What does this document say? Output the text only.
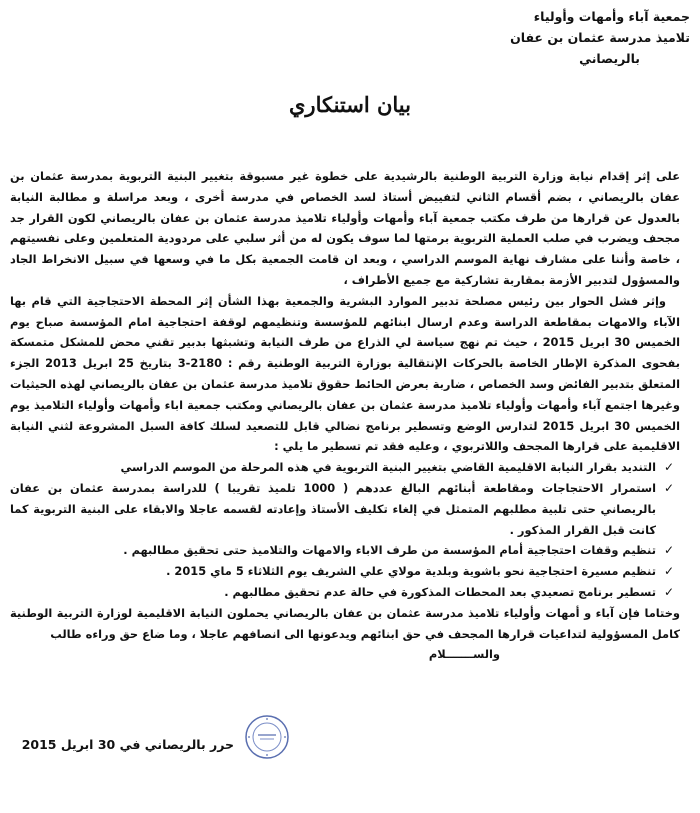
جمعية آباء وأمهات وأولياء
تلاميذ مدرسة عثمان بن عفان
بالريصاني
بيان استنكاري

على إثر إقدام نيابة وزارة التربية الوطنية بالرشيدية على خطوة غير مسبوقة بتغيير البنية التربوية بمدرسة عثمان بن عفان بالريصاني ، بضم أقسام الثاني لتفييض أستاذ لسد الخصاص في مدرسة أخرى ، وبعد مراسلة و مطالبة النيابة بالعدول عن قرارها من طرف مكتب جمعية آباء وأمهات وأولياء تلاميذ مدرسة عثمان بن عفان بالريصاني لكون القرار جد مجحف ويضرب في صلب العملية التربوية برمتها لما سوف يكون له من أثر سلبي على مردودية المتعلمين وعلى نفسيتهم ، خاصة وأننا على مشارف نهاية الموسم الدراسي ، وبعد ان قامت الجمعية بكل ما في وسعها في سبيل الانخراط الجاد والمسؤول لتدبير الأزمة بمقاربة تشاركية مع جميع الأطراف ،

وإثر فشل الحوار بين رئيس مصلحة تدبير الموارد البشرية والجمعية بهذا الشأن إثر المحطة الاحتجاجية التي قام بها الآباء والامهات بمقاطعة الدراسة وعدم ارسال ابنائهم للمؤسسة وتنظيمهم لوقفة احتجاجية امام المؤسسة صباح يوم الخميس 30 ابريل 2015 ، حيث تم نهج سياسة لي الذراع من طرف النيابة وتشبثها بدبير تقني محض للمشكل متمسكة بفحوى المذكرة الإطار الخاصة بالحركات الإنتقالية بوزارة التربية الوطنية رقم : 2180-3 بتاريخ 25 ابريل 2013 الجزء المتعلق بتدبير الفائض وسد الخصاص ، ضاربة بعرض الحائط حقوق تلاميذ مدرسة عثمان بن عفان بالريصاني لهذه الحيثيات وغيرها اجتمع آباء وأمهات وأولياء تلاميذ مدرسة عثمان بن عفان بالريصاني ومكتب جمعية اباء وأمهات وأولياء التلاميذ يوم الخميس 30 ابريل 2015 لتدارس الوضع وتسطير برنامج نضالي قابل للتصعيد لسلك كافة السبل المشروعة لثني النيابة الاقليمية على قرارها المجحف واللاتربوي ، وعليه فقد تم تسطير ما يلي :

✓
التنديد بقرار النيابة الاقليمية القاضي بتغيير البنية التربوية في هذه المرحلة من الموسم الدراسي
✓
استمرار الاحتجاجات ومقاطعة أبنائهم البالغ عددهم ( 1000 تلميذ تقريبا ) للدراسة بمدرسة عثمان بن عفان بالريصاني حتى تلبية مطلبهم المتمثل في إلغاء تكليف الأستاذ وإعادته لقسمه عاجلا والابقاء على البنية التربوية كما كانت قبل القرار المذكور .
✓
تنظيم وقفات احتجاجية أمام المؤسسة من طرف الاباء والامهات والتلاميذ حتى تحقيق مطالبهم .
✓
تنظيم مسيرة احتجاجية نحو باشوية وبلدية مولاي علي الشريف يوم الثلاثاء 5 ماي 2015 .
✓
تسطير برنامج تصعيدي بعد المحطات المذكورة في حالة عدم تحقيق مطالبهم .

وختاما فإن آباء و أمهات وأولياء تلاميذ مدرسة عثمان بن عفان بالريصاني يحملون النيابة الاقليمية لوزارة التربية الوطنية كامل المسؤولية لتداعيات قرارها المجحف في حق ابنائهم ويدعونها الى انصافهم عاجلا ، وما ضاع حق وراءه طالب

والســـــــلام

حرر بالريصاني في 30 ابريل 2015
